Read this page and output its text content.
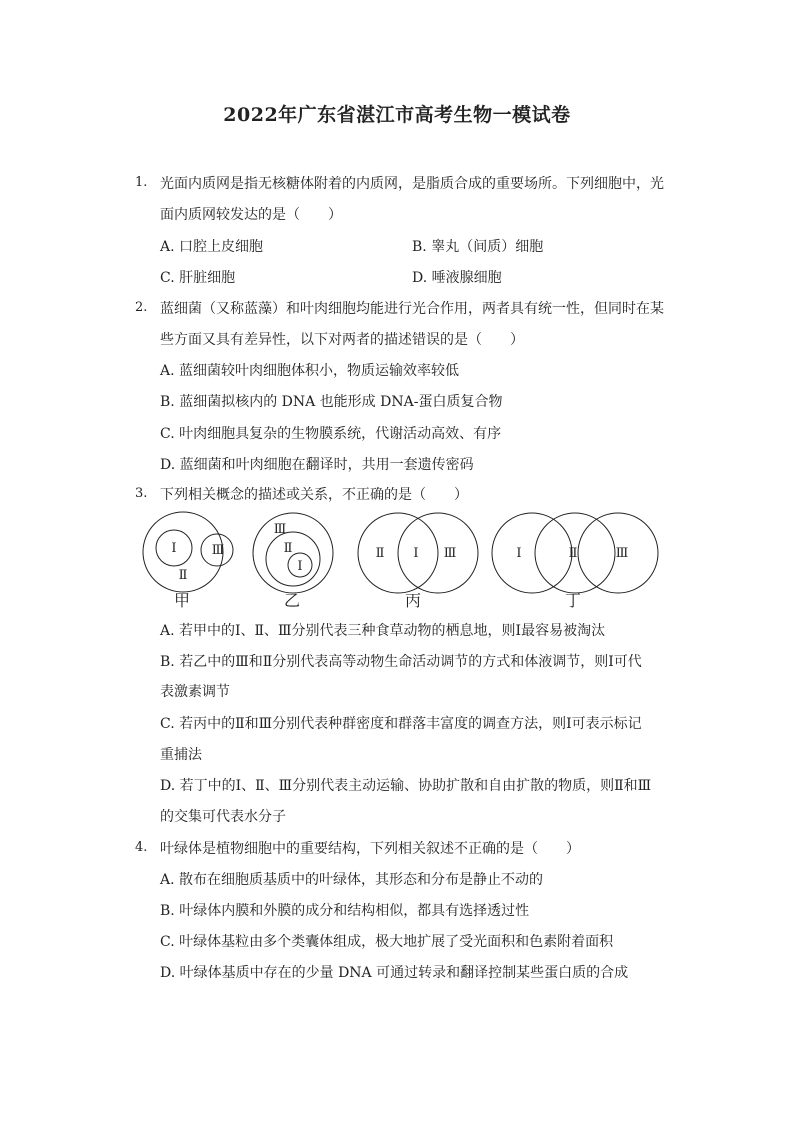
2022年广东省湛江市高考生物一模试卷
1. 光面内质网是指无核糖体附着的内质网，是脂质合成的重要场所。下列细胞中，光
面内质网较发达的是（　　）
A. 口腔上皮细胞	B. 睾丸（间质）细胞
C. 肝脏细胞	D. 唾液腺细胞
2. 蓝细菌（又称蓝藻）和叶肉细胞均能进行光合作用，两者具有统一性，但同时在某
些方面又具有差异性，以下对两者的描述错误的是（　　）
A. 蓝细菌较叶肉细胞体积小，物质运输效率较低
B. 蓝细菌拟核内的 DNA 也能形成 DNA-蛋白质复合物
C. 叶肉细胞具复杂的生物膜系统，代谢活动高效、有序
D. 蓝细菌和叶肉细胞在翻译时，共用一套遗传密码
3. 下列相关概念的描述或关系，不正确的是（　　）
Ⅰ	Ⅲ
Ⅱ
甲
Ⅲ
Ⅱ
Ⅰ
乙
Ⅱ Ⅰ Ⅲ
丙
Ⅰ	Ⅱ	Ⅲ
丁
A. 若甲中的Ⅰ、Ⅱ、Ⅲ分别代表三种食草动物的栖息地，则Ⅰ最容易被淘汰
B. 若乙中的Ⅲ和Ⅱ分别代表高等动物生命活动调节的方式和体液调节，则Ⅰ可代
表激素调节
C. 若丙中的Ⅱ和Ⅲ分别代表种群密度和群落丰富度的调查方法，则Ⅰ可表示标记
重捕法
D. 若丁中的Ⅰ、Ⅱ、Ⅲ分别代表主动运输、协助扩散和自由扩散的物质，则Ⅱ和Ⅲ
的交集可代表水分子
4. 叶绿体是植物细胞中的重要结构，下列相关叙述不正确的是（　　）
A. 散布在细胞质基质中的叶绿体，其形态和分布是静止不动的
B. 叶绿体内膜和外膜的成分和结构相似，都具有选择透过性
C. 叶绿体基粒由多个类囊体组成，极大地扩展了受光面积和色素附着面积
D. 叶绿体基质中存在的少量 DNA 可通过转录和翻译控制某些蛋白质的合成
